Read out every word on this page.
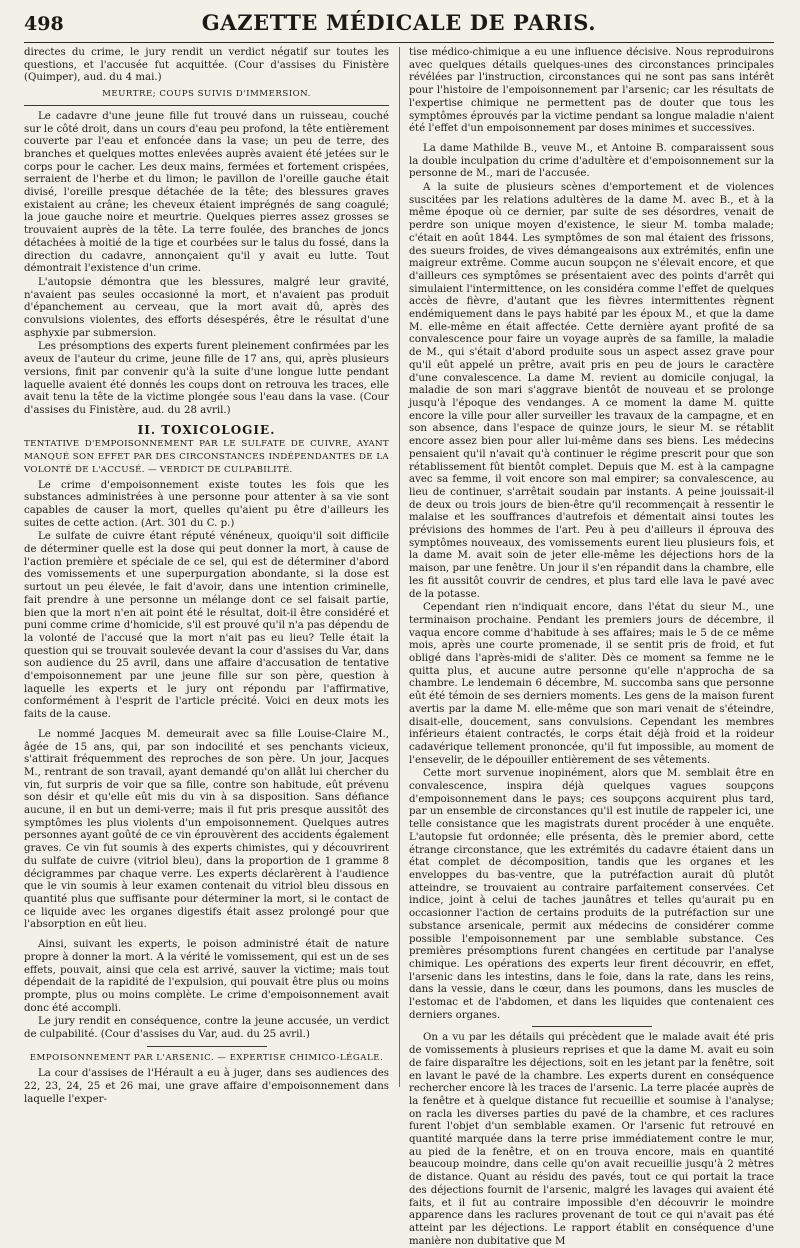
498	GAZETTE MÉDICALE DE PARIS.

directes du crime, le jury rendit un verdict négatif sur toutes les questions, et l'accusée fut acquittée. (Cour d'assises du Finistère (Quimper), aud. du 4 mai.)

MEURTRE; COUPS SUIVIS D'IMMERSION.

Le cadavre d'une jeune fille fut trouvé dans un ruisseau, couché sur le côté droit, dans un cours d'eau peu profond, la tête entièrement couverte par l'eau et enfoncée dans la vase; un peu de terre, des branches et quelques mottes enlevées auprès avaient été jetées sur le corps pour le cacher. Les deux mains, fermées et fortement crispées, serraient de l'herbe et du limon; le pavillon de l'oreille gauche était divisé, l'oreille presque détachée de la tête; des blessures graves existaient au crâne; les cheveux étaient imprégnés de sang coagulé; la joue gauche noire et meurtrie. Quelques pierres assez grosses se trouvaient auprès de la tête. La terre foulée, des branches de joncs détachées à moitié de la tige et courbées sur le talus du fossé, dans la direction du cadavre, annonçaient qu'il y avait eu lutte. Tout démontrait l'existence d'un crime.

L'autopsie démontra que les blessures, malgré leur gravité, n'avaient pas seules occasionné la mort, et n'avaient pas produit d'épanchement au cerveau, que la mort avait dû, après des convulsions violentes, des efforts désespérés, être le résultat d'une asphyxie par submersion.

Les présomptions des experts furent pleinement confirmées par les aveux de l'auteur du crime, jeune fille de 17 ans, qui, après plusieurs versions, finit par convenir qu'à la suite d'une longue lutte pendant laquelle avaient été donnés les coups dont on retrouva les traces, elle avait tenu la tête de la victime plongée sous l'eau dans la vase. (Cour d'assises du Finistère, aud. du 28 avril.)

II. TOXICOLOGIE.
TENTATIVE D'EMPOISONNEMENT PAR LE SULFATE DE CUIVRE, AYANT MANQUÉ SON EFFET PAR DES CIRCONSTANCES INDÉPENDANTES DE LA VOLONTÉ DE L'ACCUSÉ. — VERDICT DE CULPABILITÉ.

Le crime d'empoisonnement existe toutes les fois que les substances administrées à une personne pour attenter à sa vie sont capables de causer la mort, quelles qu'aient pu être d'ailleurs les suites de cette action. (Art. 301 du C. p.)

Le sulfate de cuivre étant réputé vénéneux, quoiqu'il soit difficile de déterminer quelle est la dose qui peut donner la mort, à cause de l'action première et spéciale de ce sel, qui est de déterminer d'abord des vomissements et une superpurgation abondante, si la dose est surtout un peu élevée, le fait d'avoir, dans une intention criminelle, fait prendre à une personne un mélange dont ce sel faisait partie, bien que la mort n'en ait point été le résultat, doit-il être considéré et puni comme crime d'homicide, s'il est prouvé qu'il n'a pas dépendu de la volonté de l'accusé que la mort n'ait pas eu lieu? Telle était la question qui se trouvait soulevée devant la cour d'assises du Var, dans son audience du 25 avril, dans une affaire d'accusation de tentative d'empoisonnement par une jeune fille sur son père, question à laquelle les experts et le jury ont répondu par l'affirmative, conformément à l'esprit de l'article précité. Voici en deux mots les faits de la cause.

Le nommé Jacques M. demeurait avec sa fille Louise-Claire M., âgée de 15 ans, qui, par son indocilité et ses penchants vicieux, s'attirait fréquemment des reproches de son père. Un jour, Jacques M., rentrant de son travail, ayant demandé qu'on allât lui chercher du vin, fut surpris de voir que sa fille, contre son habitude, eût prévenu son désir et qu'elle eût mis du vin à sa disposition. Sans défiance aucune, il en but un demi-verre; mais il fut pris presque aussitôt des symptômes les plus violents d'un empoisonnement. Quelques autres personnes ayant goûté de ce vin éprouvèrent des accidents également graves. Ce vin fut soumis à des experts chimistes, qui y découvrirent du sulfate de cuivre (vitriol bleu), dans la proportion de 1 gramme 8 décigrammes par chaque verre. Les experts déclarèrent à l'audience que le vin soumis à leur examen contenait du vitriol bleu dissous en quantité plus que suffisante pour déterminer la mort, si le contact de ce liquide avec les organes digestifs était assez prolongé pour que l'absorption en eût lieu.

Ainsi, suivant les experts, le poison administré était de nature propre à donner la mort. A la vérité le vomissement, qui est un de ses effets, pouvait, ainsi que cela est arrivé, sauver la victime; mais tout dépendait de la rapidité de l'expulsion, qui pouvait être plus ou moins prompte, plus ou moins complète. Le crime d'empoisonnement avait donc été accompli.

Le jury rendit en conséquence, contre la jeune accusée, un verdict de culpabilité. (Cour d'assises du Var, aud. du 25 avril.)

EMPOISONNEMENT PAR L'ARSENIC. — EXPERTISE CHIMICO-LÉGALE.

La cour d'assises de l'Hérault a eu à juger, dans ses audiences des 22, 23, 24, 25 et 26 mai, une grave affaire d'empoisonnement dans laquelle l'exper-

tise médico-chimique a eu une influence décisive. Nous reproduirons avec quelques détails quelques-unes des circonstances principales révélées par l'instruction, circonstances qui ne sont pas sans intérêt pour l'histoire de l'empoisonnement par l'arsenic; car les résultats de l'expertise chimique ne permettent pas de douter que tous les symptômes éprouvés par la victime pendant sa longue maladie n'aient été l'effet d'un empoisonnement par doses minimes et successives.

La dame Mathilde B., veuve M., et Antoine B. comparaissent sous la double inculpation du crime d'adultère et d'empoisonnement sur la personne de M., mari de l'accusée.

A la suite de plusieurs scènes d'emportement et de violences suscitées par les relations adultères de la dame M. avec B., et à la même époque où ce dernier, par suite de ses désordres, venait de perdre son unique moyen d'existence, le sieur M. tomba malade; c'était en août 1844. Les symptômes de son mal étaient des frissons, des sueurs froides, de vives démangeaisons aux extrémités, enfin une maigreur extrême. Comme aucun soupçon ne s'élevait encore, et que d'ailleurs ces symptômes se présentaient avec des points d'arrêt qui simulaient l'intermittence, on les considéra comme l'effet de quelques accès de fièvre, d'autant que les fièvres intermittentes règnent endémiquement dans le pays habité par les époux M., et que la dame M. elle-même en était affectée. Cette dernière ayant profité de sa convalescence pour faire un voyage auprès de sa famille, la maladie de M., qui s'était d'abord produite sous un aspect assez grave pour qu'il eût appelé un prêtre, avait pris en peu de jours le caractère d'une convalescence. La dame M. revient au domicile conjugal, la maladie de son mari s'aggrave bientôt de nouveau et se prolonge jusqu'à l'époque des vendanges. A ce moment la dame M. quitte encore la ville pour aller surveiller les travaux de la campagne, et en son absence, dans l'espace de quinze jours, le sieur M. se rétablit encore assez bien pour aller lui-même dans ses biens. Les médecins pensaient qu'il n'avait qu'à continuer le régime prescrit pour que son rétablissement fût bientôt complet. Depuis que M. est à la campagne avec sa femme, il voit encore son mal empirer; sa convalescence, au lieu de continuer, s'arrêtait soudain par instants. A peine jouissait-il de deux ou trois jours de bien-être qu'il recommençait à ressentir le malaise et les souffrances d'autrefois et démentait ainsi toutes les prévisions des hommes de l'art. Peu à peu d'ailleurs il éprouva des symptômes nouveaux, des vomissements eurent lieu plusieurs fois, et la dame M. avait soin de jeter elle-même les déjections hors de la maison, par une fenêtre. Un jour il s'en répandit dans la chambre, elle les fit aussitôt couvrir de cendres, et plus tard elle lava le pavé avec de la potasse.

Cependant rien n'indiquait encore, dans l'état du sieur M., une terminaison prochaine. Pendant les premiers jours de décembre, il vaqua encore comme d'habitude à ses affaires; mais le 5 de ce même mois, après une courte promenade, il se sentit pris de froid, et fut obligé dans l'après-midi de s'aliter. Dès ce moment sa femme ne le quitta plus, et aucune autre personne qu'elle n'approcha de sa chambre. Le lendemain 6 décembre, M. succomba sans que personne eût été témoin de ses derniers moments. Les gens de la maison furent avertis par la dame M. elle-même que son mari venait de s'éteindre, disait-elle, doucement, sans convulsions. Cependant les membres inférieurs étaient contractés, le corps était déjà froid et la roideur cadavérique tellement prononcée, qu'il fut impossible, au moment de l'ensevelir, de le dépouiller entièrement de ses vêtements.

Cette mort survenue inopinément, alors que M. semblait être en convalescence, inspira déjà quelques vagues soupçons d'empoisonnement dans le pays; ces soupçons acquirent plus tard, par un ensemble de circonstances qu'il est inutile de rappeler ici, une telle consistance que les magistrats durent procéder à une enquête. L'autopsie fut ordonnée; elle présenta, dès le premier abord, cette étrange circonstance, que les extrémités du cadavre étaient dans un état complet de décomposition, tandis que les organes et les enveloppes du bas-ventre, que la putréfaction aurait dû plutôt atteindre, se trouvaient au contraire parfaitement conservées. Cet indice, joint à celui de taches jaunâtres et telles qu'aurait pu en occasionner l'action de certains produits de la putréfaction sur une substance arsenicale, permit aux médecins de considérer comme possible l'empoisonnement par une semblable substance. Ces premières présomptions furent changées en certitude par l'analyse chimique. Les opérations des experts leur firent découvrir, en effet, l'arsenic dans les intestins, dans le foie, dans la rate, dans les reins, dans la vessie, dans le cœur, dans les poumons, dans les muscles de l'estomac et de l'abdomen, et dans les liquides que contenaient ces derniers organes.

On a vu par les détails qui précèdent que le malade avait été pris de vomissements à plusieurs reprises et que la dame M. avait eu soin de faire disparaître les déjections, soit en les jetant par la fenêtre, soit en lavant le pavé de la chambre. Les experts durent en conséquence rechercher encore là les traces de l'arsenic. La terre placée auprès de la fenêtre et à quelque distance fut recueillie et soumise à l'analyse; on racla les diverses parties du pavé de la chambre, et ces raclures furent l'objet d'un semblable examen. Or l'arsenic fut retrouvé en quantité marquée dans la terre prise immédiatement contre le mur, au pied de la fenêtre, et on en trouva encore, mais en quantité beaucoup moindre, dans celle qu'on avait recueillie jusqu'à 2 mètres de distance. Quant au résidu des pavés, tout ce qui portait la trace des déjections fournit de l'arsenic, malgré les lavages qui avaient été faits, et il fut au contraire impossible d'en découvrir le moindre apparence dans les raclures provenant de tout ce qui n'avait pas été atteint par les déjections. Le rapport établit en conséquence d'une manière non dubitative que M
